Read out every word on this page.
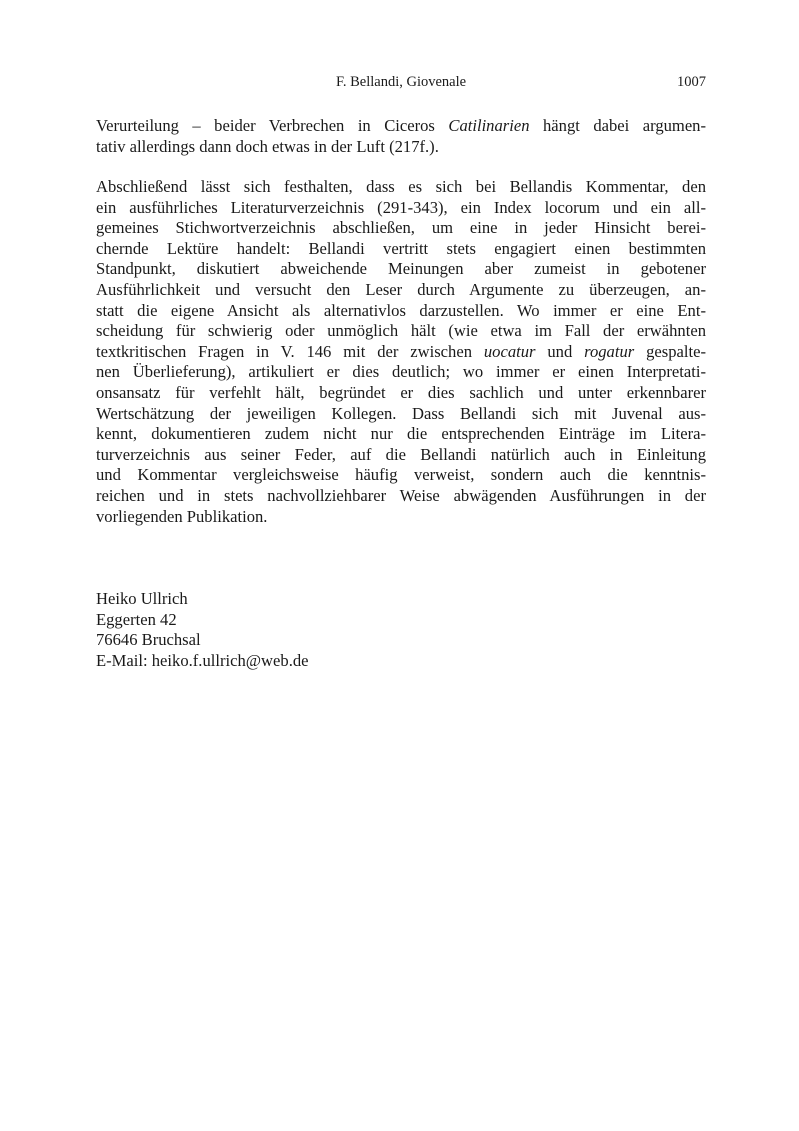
F. Bellandi, Giovenale	1007
Verurteilung – beider Verbrechen in Ciceros Catilinarien hängt dabei argumen-
tativ allerdings dann doch etwas in der Luft (217f.).
Abschließend lässt sich festhalten, dass es sich bei Bellandis Kommentar, den
ein ausführliches Literaturverzeichnis (291-343), ein Index locorum und ein all-
gemeines Stichwortverzeichnis abschließen, um eine in jeder Hinsicht berei-
chernde Lektüre handelt: Bellandi vertritt stets engagiert einen bestimmten
Standpunkt, diskutiert abweichende Meinungen aber zumeist in gebotener
Ausführlichkeit und versucht den Leser durch Argumente zu überzeugen, an-
statt die eigene Ansicht als alternativlos darzustellen. Wo immer er eine Ent-
scheidung für schwierig oder unmöglich hält (wie etwa im Fall der erwähnten
textkritischen Fragen in V. 146 mit der zwischen uocatur und rogatur gespalte-
nen Überlieferung), artikuliert er dies deutlich; wo immer er einen Interpretati-
onsansatz für verfehlt hält, begründet er dies sachlich und unter erkennbarer
Wertschätzung der jeweiligen Kollegen. Dass Bellandi sich mit Juvenal aus-
kennt, dokumentieren zudem nicht nur die entsprechenden Einträge im Litera-
turverzeichnis aus seiner Feder, auf die Bellandi natürlich auch in Einleitung
und Kommentar vergleichsweise häufig verweist, sondern auch die kenntnis-
reichen und in stets nachvollziehbarer Weise abwägenden Ausführungen in der
vorliegenden Publikation.
Heiko Ullrich
Eggerten 42
76646 Bruchsal
E-Mail: heiko.f.ullrich@web.de
